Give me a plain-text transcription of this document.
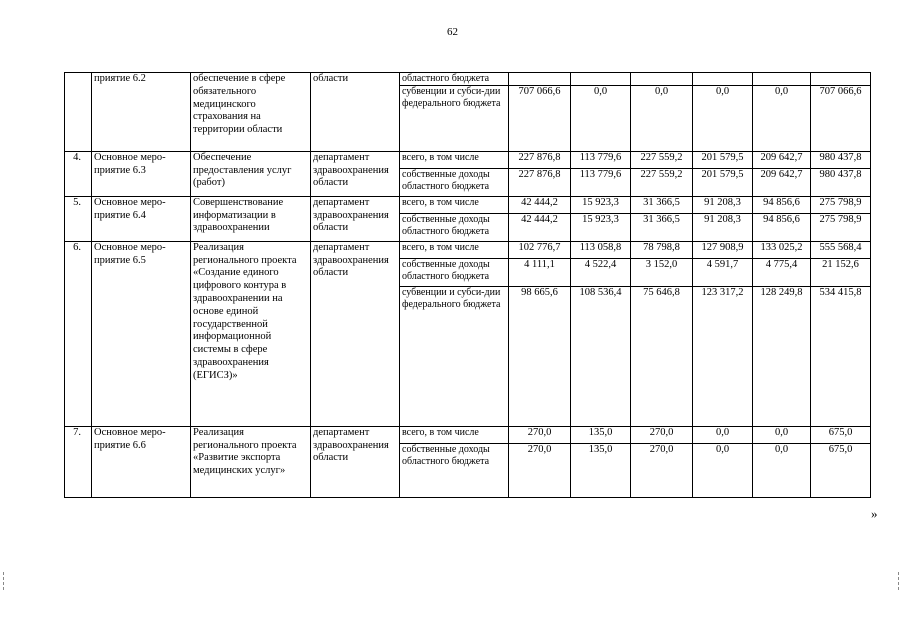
62
	приятие 6.2	обеспечение в сфере обязательного медицинского страхования на территории области	области	областного бюджета						
				субвенции и субси-дии федерального бюджета	707 066,6	0,0	0,0	0,0	0,0	707 066,6
4.	Основное меро-приятие 6.3	Обеспечение предоставления услуг (работ)	департамент здравоохранения области	всего, в том числе	227 876,8	113 779,6	227 559,2	201 579,5	209 642,7	980 437,8
				собственные доходы областного бюджета	227 876,8	113 779,6	227 559,2	201 579,5	209 642,7	980 437,8
5.	Основное меро-приятие 6.4	Совершенствование информатизации в здравоохранении	департамент здравоохранения области	всего, в том числе	42 444,2	15 923,3	31 366,5	91 208,3	94 856,6	275 798,9
				собственные доходы областного бюджета	42 444,2	15 923,3	31 366,5	91 208,3	94 856,6	275 798,9
6.	Основное меро-приятие 6.5	Реализация регионального проекта «Создание единого цифрового контура в здравоохранении на основе единой государственной информационной системы в сфере здравоохранения (ЕГИСЗ)»	департамент здравоохранения области	всего, в том числе	102 776,7	113 058,8	78 798,8	127 908,9	133 025,2	555 568,4
				собственные доходы областного бюджета	4 111,1	4 522,4	3 152,0	4 591,7	4 775,4	21 152,6
				субвенции и субси-дии федерального бюджета	98 665,6	108 536,4	75 646,8	123 317,2	128 249,8	534 415,8
7.	Основное меро-приятие 6.6	Реализация регионального проекта «Развитие экспорта медицинских услуг»	департамент здравоохранения области	всего, в том числе	270,0	135,0	270,0	0,0	0,0	675,0
				собственные доходы областного бюджета	270,0	135,0	270,0	0,0	0,0	675,0
»
